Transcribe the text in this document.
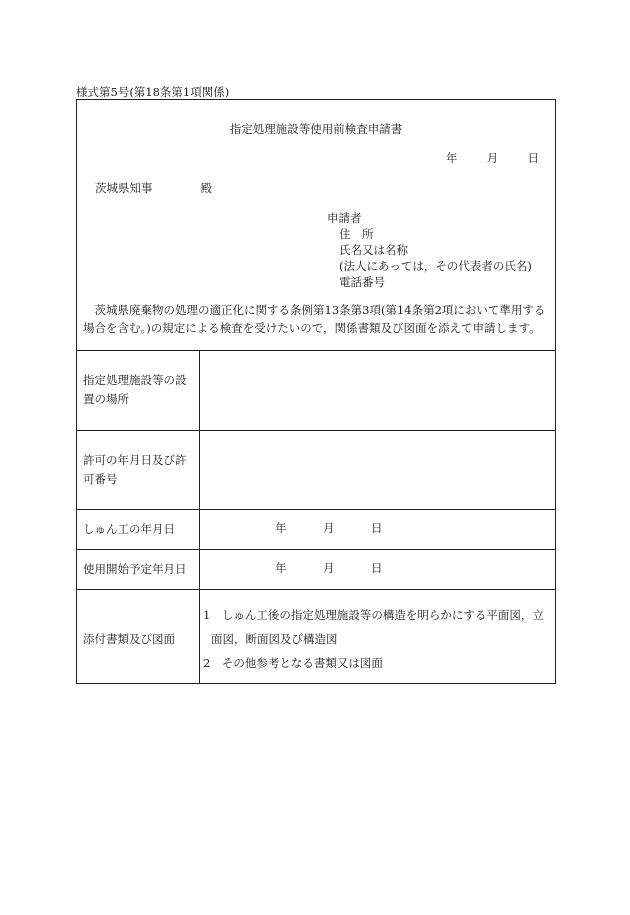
様式第5号(第18条第1項関係)
指定処理施設等使用前検査申請書
年	月	日
茨城県知事	殿
申請者
住　所
氏名又は名称
(法人にあっては，その代表者の氏名)
電話番号
茨城県廃棄物の処理の適正化に関する条例第13条第3項(第14条第2項において準用する
場合を含む。)の規定による検査を受けたいので，関係書類及び図面を添えて申請します。
指定処理施設等の設
置の場所
許可の年月日及び許
可番号
しゅん工の年月日	年	月	日
使用開始予定年月日	年	月	日
添付書類及び図面
1　しゅん工後の指定処理施設等の構造を明らかにする平面図，立
面図，断面図及び構造図
2　その他参考となる書類又は図面
